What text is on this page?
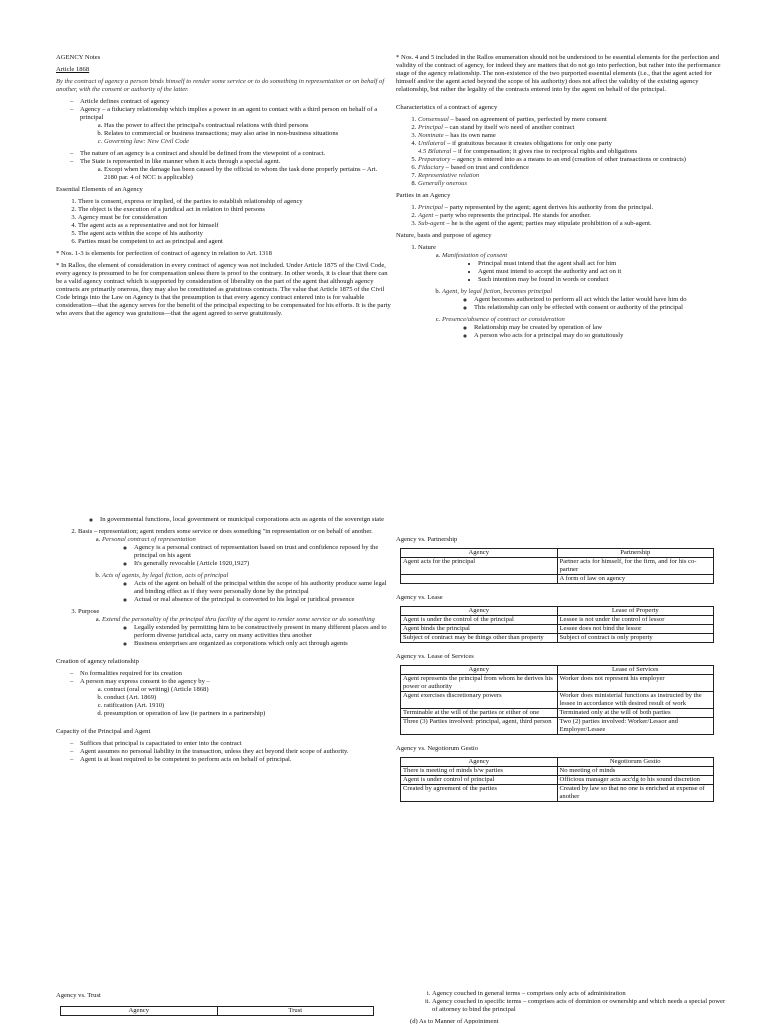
AGENCY Notes

Article 1868

By the contract of agency a person binds himself to render some service or to do something in representation or on behalf of another, with the consent or authority of the latter.

– Article defines contract of agency
– Agency – a fiduciary relationship which implies a power in an agent to contact with a third person on behalf of a principal
a. Has the power to affect the principal's contractual relations with third persons
b. Relates to commercial or business transactions; may also arise in non-business situations
c. Governing law: New Civil Code
– The nature of an agency is a contract and should be defined from the viewpoint of a contract.
– The State is represented in like manner when it acts through a special agent.
a. Except when the damage has been caused by the official to whom the task done properly pertains – Art. 2180 par. 4 of NCC is applicable)

Essential Elements of an Agency

1. There is consent, express or implied, of the parties to establish relationship of agency
2. The object is the execution of a juridical act in relation to third persons
3. Agency must be for consideration
4. The agent acts as a representative and not for himself
5. The agent acts within the scope of his authority
6. Parties must be competent to act as principal and agent

* Nos. 1-3 is elements for perfection of contract of agency in relation to Art. 1318

* In Rallos, the element of consideration in every contract of agency was not included. Under Article 1875 of the Civil Code, every agency is presumed to be for compensation unless there is proof to the contrary. In other words, it is clear that there can be a valid agency contract which is supported by consideration of liberality on the part of the agent that although agency contracts are primarily onerous, they may also be constituted as gratuitous contracts. The value that Article 1875 of the Civil Code brings into the Law on Agency is that the presumption is that every agency contract entered into is for valuable consideration—that the agency serves for the benefit of the principal expecting to be compensated for his efforts. It is the party who avers that the agency was gratuitous—that the agent agreed to serve gratuitously.

* Nos. 4 and 5 included in the Rallos enumeration should not be understood to be essential elements for the perfection and validity of the contract of agency, for indeed they are matters that do not go into perfection, but rather into the performance stage of the agency relationship. The non-existence of the two purported essential elements (i.e., that the agent acted for himself and/or the agent acted beyond the scope of his authority) does not affect the validity of the existing agency relationship, but rather the legality of the contracts entered into by the agent on behalf of the principal.

Characteristics of a contract of agency

1. Consensual – based on agreement of parties, perfected by mere consent
2. Principal – can stand by itself w/o need of another contract
3. Nominate – has its own name
4. Unilateral – if gratuitous because it creates obligations for only one party
4.5 Bilateral – if for compensation; it gives rise to reciprocal rights and obligations
5. Preparatory – agency is entered into as a means to an end (creation of other transactions or contracts)
6. Fiduciary – based on trust and confidence
7. Representative relation
8. Generally onerous

Parties in an Agency

1. Principal – party represented by the agent; agent derives his authority from the principal.
2. Agent – party who represents the principal. He stands for another.
3. Sub-agent – he is the agent of the agent; parties may stipulate prohibition of a sub-agent.

Nature, basis and purpose of agency

1. Nature
a. Manifestation of consent
• Principal must intend that the agent shall act for him
• Agent must intend to accept the authority and act on it
• Such intention may be found in words or conduct
b. Agent, by legal fiction, becomes principal
◦ Agent becomes authorized to perform all act which the latter would have him do
◦ This relationship can only be effected with consent or authority of the principal
c. Presence/absence of contract or consideration
◦ Relationship may be created by operation of law
◦ A person who acts for a principal may do so gratuitously
◦ In governmental functions, local government or municipal corporations acts as agents of the sovereign state
2. Basis – representation; agent renders some service or does something "in representation or on behalf of another.
a. Personal contract of representation
◦ Agency is a personal contract of representation based on trust and confidence reposed by the principal on his agent
◦ It's generally revocable (Article 1920,1927)
b. Acts of agents, by legal fiction, acts of principal
◦ Acts of the agent on behalf of the principal within the scope of his authority produce same legal and binding effect as if they were personally done by the principal
◦ Actual or real absence of the principal is converted to his legal or juridical presence
3. Purpose
a. Extend the personality of the principal thru facility of the agent to render some service or do something
◦ Legally extended by permitting him to be constructively present in many different places and to perform diverse juridical acts, carry on many activities thru another
◦ Business enterprises are organized as corporations which only act through agents

Creation of agency relationship

– No formalities required for its creation
– A person may express consent to the agency by –
a. contract (oral or writing) (Article 1868)
b. conduct (Art. 1869)
c. ratification (Art. 1910)
d. presumption or operation of law (ie partners in a partnership)

Capacity of the Principal and Agent

– Suffices that principal is capacitated to enter into the contract
– Agent assumes no personal liability in the transaction, unless they act beyond their scope of authority.
– Agent is at least required to be competent to perform acts on behalf of principal.

Agency vs. Partnership

Agency	Partnership
Agent acts for the principal	Partner acts for himself, for the firm, and for his co-partner
	A form of law on agency

Agency vs. Lease

Agency	Lease of Property
Agent is under the control of the principal	Lessee is not under the control of lessor
Agent binds the principal	Lessee does not bind the lessor
Subject of contract may be things other than property	Subject of contract is only property

Agency vs. Lease of Services

Agency	Lease of Services
Agent represents the principal from whom he derives his power or authority	Worker does not represent his employer
Agent exercises discretionary powers	Worker does ministerial functions as instructed by the lessee in accordance with desired result of work
Terminable at the will of the parties or either of one	Terminated only at the will of both parties
Three (3) Parties involved: principal, agent, third person	Two (2) parties involved: Worker/Lessor and Employer/Lessee

Agency vs. Negotiorum Gestio

Agency	Negotiorum Gestio
There is meeting of minds b/w parties	No meeting of minds
Agent is under control of principal	Officious manager acts acc'dg to his sound discretion
Created by agreement of the parties	Created by law so that no one is enriched at expense of another

Agency vs. Trust

Agency	Trust
i. Agency couched in general terms – comprises only acts of administration
ii. Agency couched in specific terms – comprises acts of dominion or ownership and which needs a special power of attorney to bind the principal

(d) As to Manner of Appointment
